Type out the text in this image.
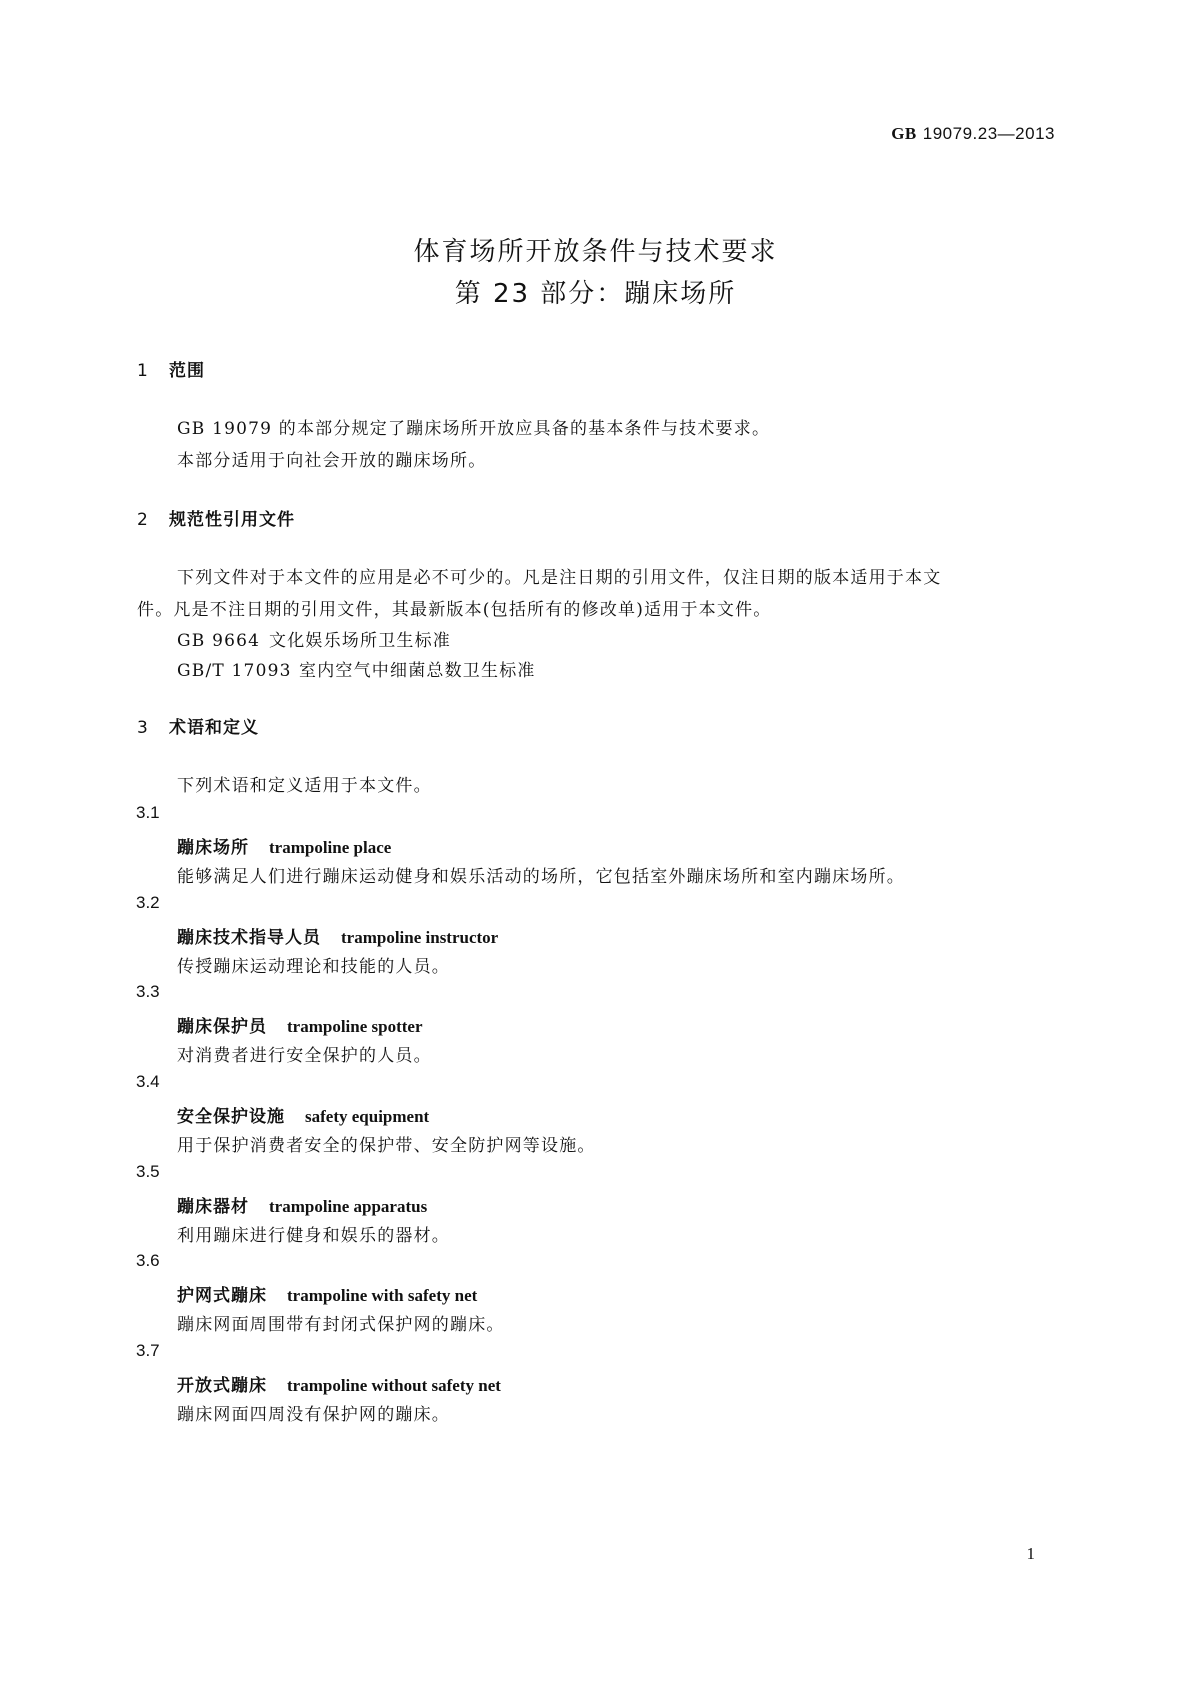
GB 19079.23—2013
体育场所开放条件与技术要求
第 23 部分：蹦床场所
1 范围
GB 19079 的本部分规定了蹦床场所开放应具备的基本条件与技术要求。
本部分适用于向社会开放的蹦床场所。
2 规范性引用文件
下列文件对于本文件的应用是必不可少的。凡是注日期的引用文件，仅注日期的版本适用于本文
件。凡是不注日期的引用文件，其最新版本(包括所有的修改单)适用于本文件。
GB 9664 文化娱乐场所卫生标准
GB/T 17093 室内空气中细菌总数卫生标准
3 术语和定义
下列术语和定义适用于本文件。
3.1
蹦床场所 trampoline place
能够满足人们进行蹦床运动健身和娱乐活动的场所，它包括室外蹦床场所和室内蹦床场所。
3.2
蹦床技术指导人员 trampoline instructor
传授蹦床运动理论和技能的人员。
3.3
蹦床保护员 trampoline spotter
对消费者进行安全保护的人员。
3.4
安全保护设施 safety equipment
用于保护消费者安全的保护带、安全防护网等设施。
3.5
蹦床器材 trampoline apparatus
利用蹦床进行健身和娱乐的器材。
3.6
护网式蹦床 trampoline with safety net
蹦床网面周围带有封闭式保护网的蹦床。
3.7
开放式蹦床 trampoline without safety net
蹦床网面四周没有保护网的蹦床。
1
